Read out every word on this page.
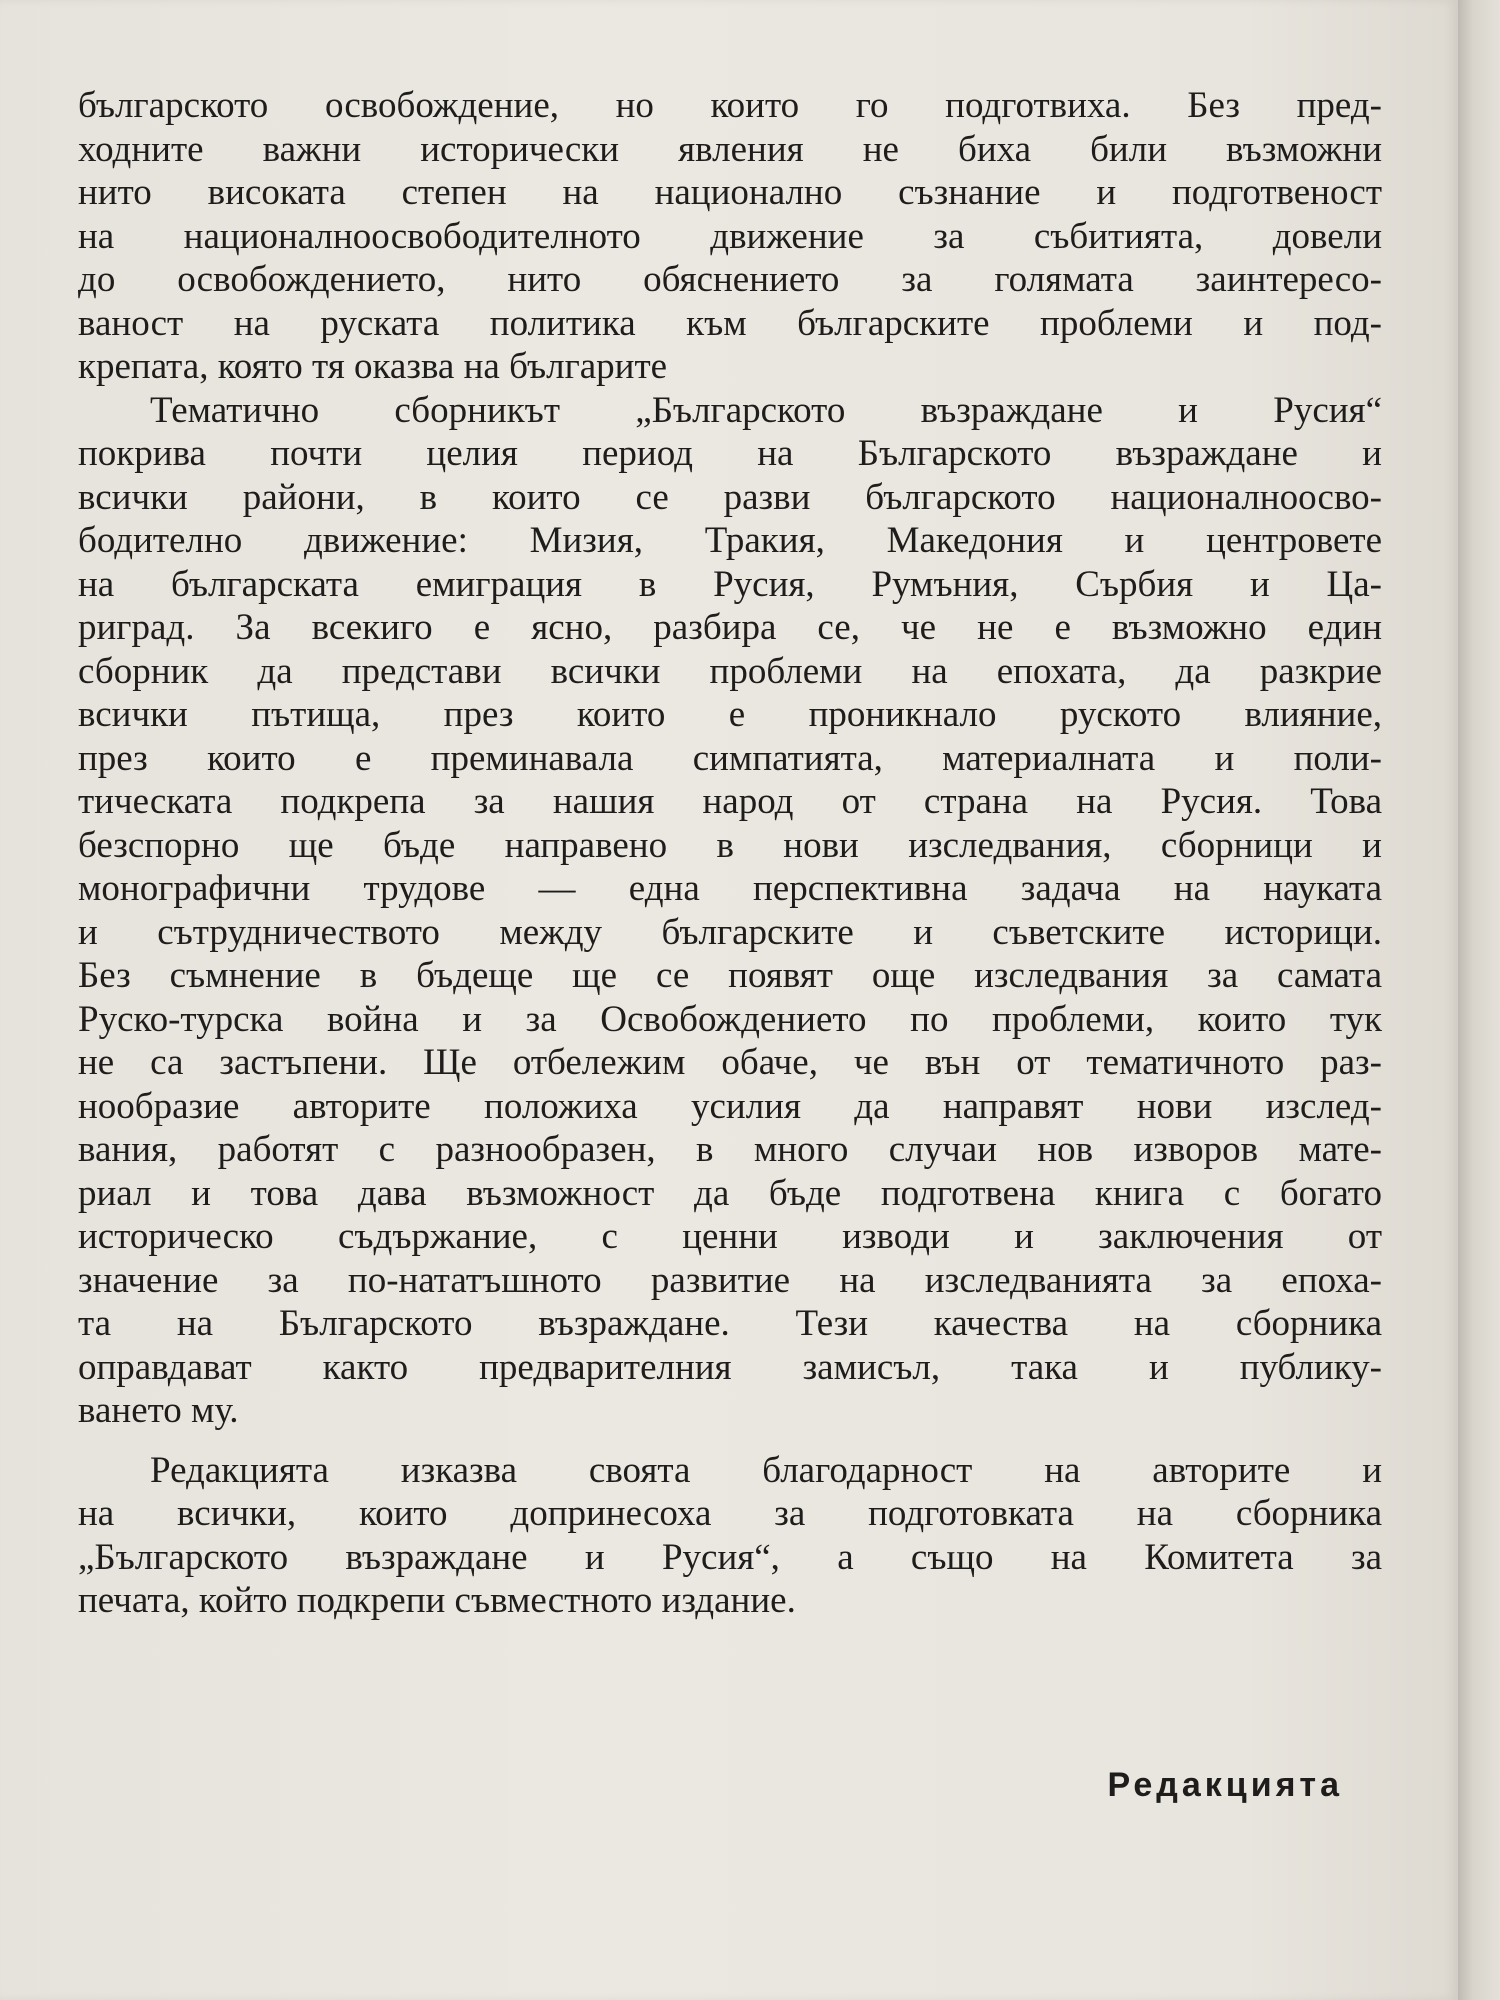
българското освобождение, но които го подготвиха. Без пред-
ходните важни исторически явления не биха били възможни
нито високата степен на национално съзнание и подготвеност
на националноосвободителното движение за събитията, довели
до освобождението, нито обяснението за голямата заинтересо-
ваност на руската политика към българските проблеми и под-
крепата, която тя оказва на българите
Тематично сборникът „Българското възраждане и Русия“
покрива почти целия период на Българското възраждане и
всички райони, в които се разви българското националноосво-
бодително движение: Мизия, Тракия, Македония и центровете
на българската емиграция в Русия, Румъния, Сърбия и Ца-
риград. За всекиго е ясно, разбира се, че не е възможно един
сборник да представи всички проблеми на епохата, да разкрие
всички пътища, през които е проникнало руското влияние,
през които е преминавала симпатията, материалната и поли-
тическата подкрепа за нашия народ от страна на Русия. Това
безспорно ще бъде направено в нови изследвания, сборници и
монографични трудове — една перспективна задача на науката
и сътрудничеството между българските и съветските историци.
Без съмнение в бъдеще ще се появят още изследвания за самата
Руско-турска война и за Освобождението по проблеми, които тук
не са застъпени. Ще отбележим обаче, че вън от тематичното раз-
нообразие авторите положиха усилия да направят нови изслед-
вания, работят с разнообразен, в много случаи нов изворов мате-
риал и това дава възможност да бъде подготвена книга с богато
историческо съдържание, с ценни изводи и заключения от
значение за по-нататъшното развитие на изследванията за епоха-
та на Българското възраждане. Тези качества на сборника
оправдават както предварителния замисъл, така и публику-
ването му.
Редакцията изказва своята благодарност на авторите и
на всички, които допринесоха за подготовката на сборника
„Българското възраждане и Русия“, а също на Комитета за
печата, който подкрепи съвместното издание.
Редакцията
